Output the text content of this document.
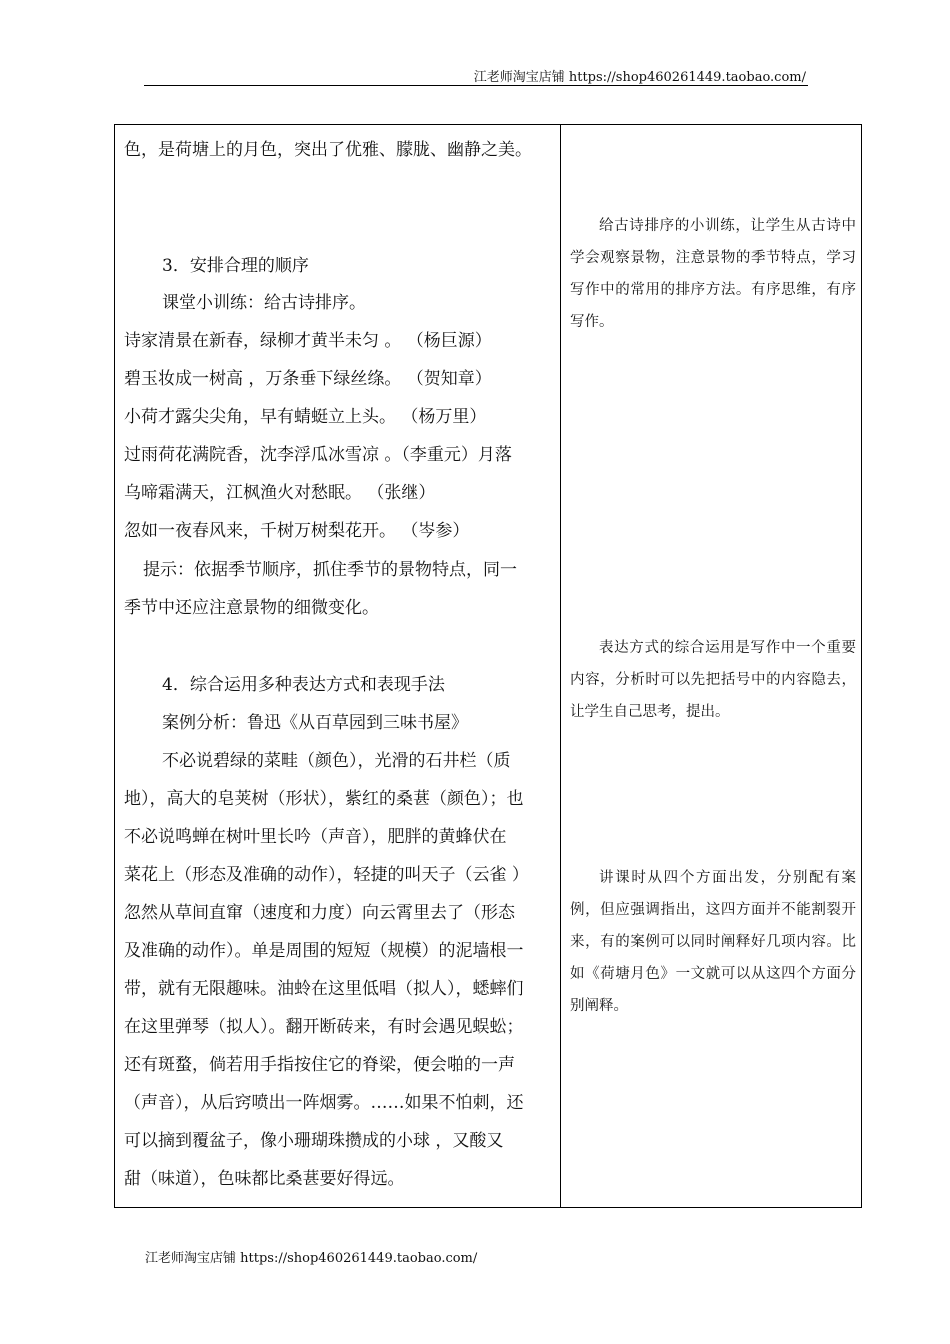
江老师淘宝店铺 https://shop460261449.taobao.com/
色，是荷塘上的月色，突出了优雅、朦胧、幽静之美。
3．安排合理的顺序
课堂小训练：给古诗排序。
诗家清景在新春，绿柳才黄半未匀 。 （杨巨源）
碧玉妆成一树高 ，万条垂下绿丝绦。 （贺知章）
小荷才露尖尖角，早有蜻蜓立上头。 （杨万里）
过雨荷花满院香，沈李浮瓜冰雪凉 。（李重元）月落
乌啼霜满天，江枫渔火对愁眠。 （张继）
忽如一夜春风来，千树万树梨花开。 （岑参）
提示：依据季节顺序，抓住季节的景物特点，同一
季节中还应注意景物的细微变化。
4．综合运用多种表达方式和表现手法
案例分析：鲁迅《从百草园到三味书屋》
不必说碧绿的菜畦（颜色），光滑的石井栏（质
地），高大的皂荚树（形状），紫红的桑葚（颜色）；也
不必说鸣蝉在树叶里长吟（声音），肥胖的黄蜂伏在
菜花上（形态及准确的动作），轻捷的叫天子（云雀 ）
忽然从草间直窜（速度和力度）向云霄里去了（形态
及准确的动作）。单是周围的短短（规模）的泥墙根一
带，就有无限趣味。油蛉在这里低唱（拟人），蟋蟀们
在这里弹琴（拟人）。翻开断砖来，有时会遇见蜈蚣；
还有斑蝥，倘若用手指按住它的脊梁，便会啪的一声
（声音），从后窍喷出一阵烟雾。……如果不怕刺，还
可以摘到覆盆子，像小珊瑚珠攒成的小球 ，又酸又
甜（味道），色味都比桑葚要好得远。
给古诗排序的小训练，让学生从古诗中学会观察景物，注意景物的季节特点，学习写作中的常用的排序方法。有序思维，有序写作。
表达方式的综合运用是写作中一个重要内容，分析时可以先把括号中的内容隐去，让学生自己思考，提出。
讲课时从四个方面出发，分别配有案例，但应强调指出，这四方面并不能割裂开来，有的案例可以同时阐释好几项内容。比如《荷塘月色》一文就可以从这四个方面分别阐释。
江老师淘宝店铺 https://shop460261449.taobao.com/
